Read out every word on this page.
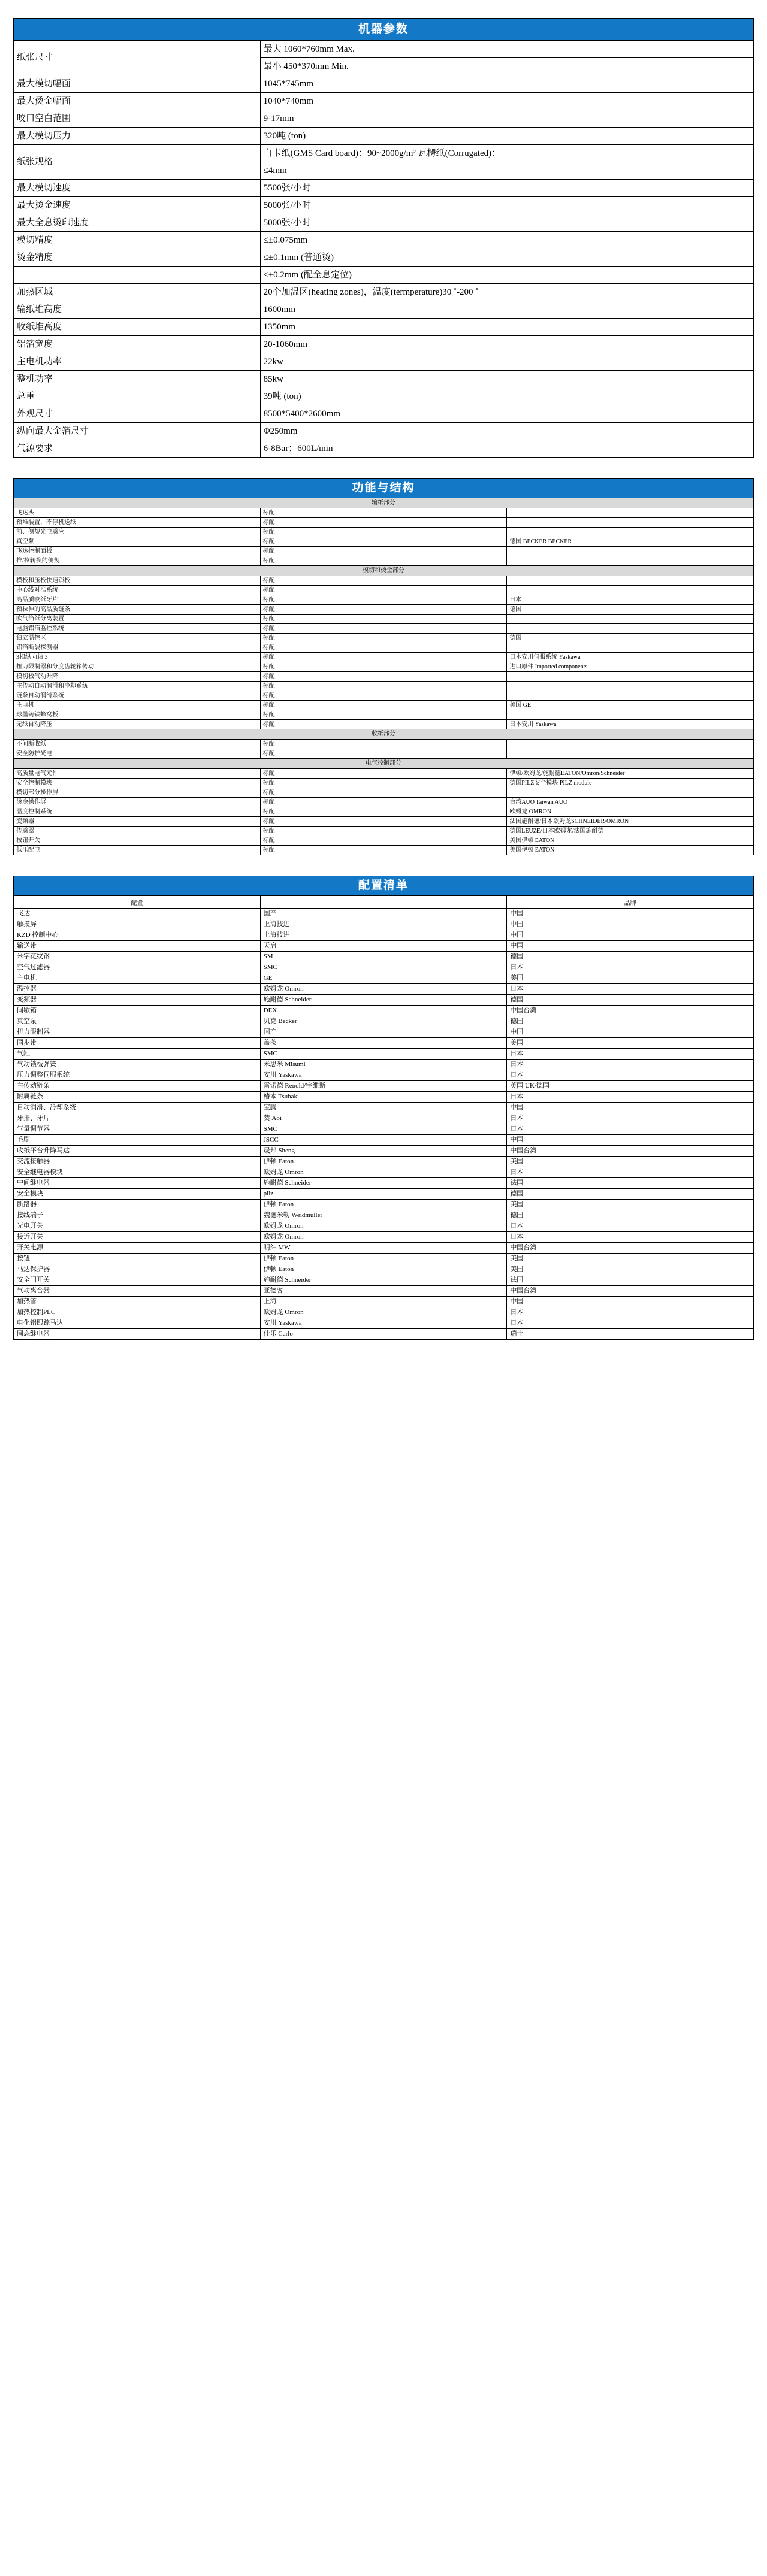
机器参数	
纸张尺寸	最大 1060*760mm Max.
	最小 450*370mm Min.
最大模切幅面	1045*745mm
最大烫金幅面	1040*740mm
咬口空白范围	9-17mm
最大模切压力	320吨 (ton)
纸张规格	白卡纸(GMS Card board)：90~2000g/m² 瓦楞纸(Corrugated)：
	≤4mm
最大模切速度	5500张/小时
最大烫金速度	5000张/小时
最大全息烫印速度	5000张/小时
模切精度	≤±0.075mm
烫金精度	≤±0.1mm (普通烫)
	≤±0.2mm (配全息定位)
加热区域	20个加温区(heating zones)，温度(termperature)30 ˚-200 ˚
输纸堆高度	1600mm
收纸堆高度	1350mm
铝箔宽度	20-1060mm
主电机功率	22kw
整机功率	85kw
总重	39吨 (ton)
外观尺寸	8500*5400*2600mm
纵向最大金箔尺寸	Φ250mm
气源要求	6-8Bar；600L/min
功能与结构		
输纸部分		
飞达头	标配	
预堆装置，不停机送纸	标配	
前、侧规光电感应	标配	
真空泵	标配	德国 BECKER BECKER
飞达控制面板	标配	
推/拉转换的侧规	标配	
模切和烫金部分		
模板和压板快速锁板	标配	
中心线对准系统	标配	
高品质咬纸牙片	标配	日本
预拉伸的高品质链条	标配	德国
吹气箔纸分离装置	标配	
电脑铝箔监控系统	标配	
独立温控区	标配	德国
铝箔断裂探测器	标配	
3根纵向轴 3	标配	日本安川伺服系统 Yaskawa
扭力限制器和分度齿轮箱传动	标配	进口原件 Imported components
模切板气动升降	标配	
主传动自动润滑和冷却系统	标配	
链条自动润滑系统	标配	
主电机	标配	美国 GE
球墨铸铁蜂窝板	标配	
无纸自动降压	标配	日本安川 Yaskawa
收纸部分		
不间断收纸	标配	
安全防护光电	标配	
电气控制部分		
高质量电气元件	标配	伊顿/欧姆龙/施耐德EATON/Omron/Schneider
安全控制模块	标配	德国PILZ安全模块 PILZ module
模切部分操作屏	标配	
烫金操作屏	标配	台湾AUO Taiwan AUO
温度控制系统	标配	欧姆龙 OMRON
变频器	标配	法国施耐德/日本欧姆龙SCHNEIDER/OMRON
传感器	标配	德国LEUZE/日本欧姆龙/法国施耐德
按钮开关	标配	美国伊顿 EATON
低压配电	标配	美国伊顿 EATON
配置清单		
配置		品牌
飞达	国产	中国
触摸屏	上海技进	中国
KZD 控制中心	上海技进	中国
输送带	天启	中国
米字花纹钢	SM	德国
空气过滤器	SMC	日本
主电机	GE	美国
温控器	欧姆龙 Omron	日本
变频器	施耐德 Schneider	德国
间歇箱	DEX	中国台湾
真空泵	贝克 Becker	德国
扭力限制器	国产	中国
同步带	盖茨	美国
气缸	SMC	日本
气动锁板弹簧	米思米 Misumi	日本
压力调整伺服系统	安川 Yaskawa	日本
主传动链条	雷诺德 Renold/宇维斯	英国 UK/德国
附属链条	椿本 Tsubaki	日本
自动润滑、冷却系统	宝腾	中国
牙排、牙片	葵 Aoi	日本
气量调节器	SMC	日本
毛刷	JSCC	中国
收纸平台升降马达	晟邦 Sheng	中国台湾
交流接触器	伊顿 Eaton	美国
安全继电器模块	欧姆龙 Omron	日本
中间继电器	施耐德 Schneider	法国
安全模块	pilz	德国
断路器	伊顿 Eaton	美国
接线端子	魏德米勒 Weidmuller	德国
光电开关	欧姆龙 Omron	日本
接近开关	欧姆龙 Omron	日本
开关电源	明纬 MW	中国台湾
按钮	伊顿 Eaton	美国
马达保护器	伊顿 Eaton	美国
安全门开关	施耐德 Schneider	法国
气动离合器	亚德客	中国台湾
加热管	上海	中国
加热控制PLC	欧姆龙 Omron	日本
电化铝跟踪马达	安川 Yaskawa	日本
固态继电器	佳乐 Carlo	瑞士
